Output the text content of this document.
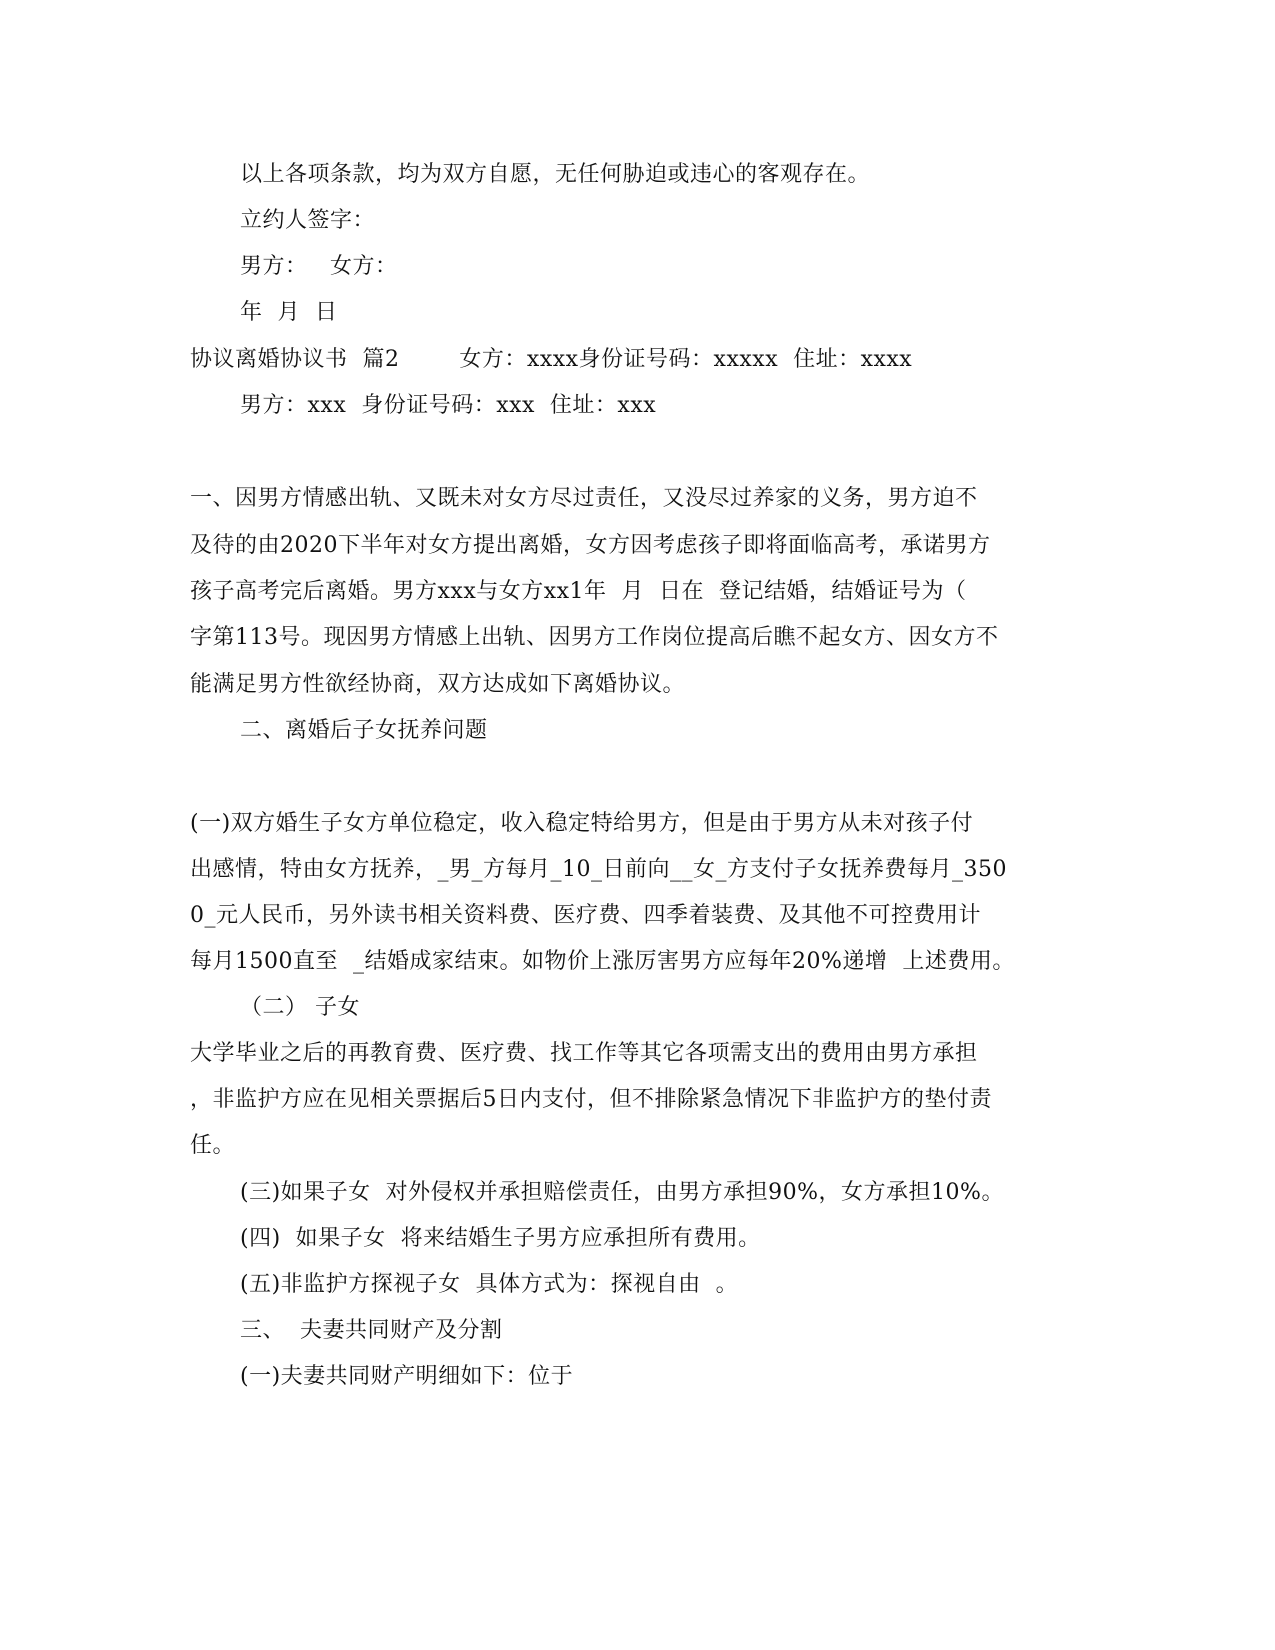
以上各项条款，均为双方自愿，无任何胁迫或违心的客观存在。
立约人签字：
男方：   女方：
年  月  日
协议离婚协议书  篇2        女方：xxxx身份证号码：xxxxx  住址：xxxx
男方：xxx  身份证号码：xxx  住址：xxx
一、因男方情感出轨、又既未对女方尽过责任，又没尽过养家的义务，男方迫不
及待的由2020下半年对女方提出离婚，女方因考虑孩子即将面临高考，承诺男方
孩子高考完后离婚。男方xxx与女方xx1年  月  日在  登记结婚，结婚证号为（
字第113号。现因男方情感上出轨、因男方工作岗位提高后瞧不起女方、因女方不
能满足男方性欲经协商，双方达成如下离婚协议。
二、离婚后子女抚养问题
(一)双方婚生子女方单位稳定，收入稳定特给男方，但是由于男方从未对孩子付
出感情，特由女方抚养，_男_方每月_10_日前向__女_方支付子女抚养费每月_350
0_元人民币，另外读书相关资料费、医疗费、四季着装费、及其他不可控费用计
每月1500直至  _结婚成家结束。如物价上涨厉害男方应每年20%递增  上述费用。
（二） 子女
大学毕业之后的再教育费、医疗费、找工作等其它各项需支出的费用由男方承担
，非监护方应在见相关票据后5日内支付，但不排除紧急情况下非监护方的垫付责
任。
(三)如果子女  对外侵权并承担赔偿责任，由男方承担90%，女方承担10%。
(四)  如果子女  将来结婚生子男方应承担所有费用。
(五)非监护方探视子女  具体方式为：探视自由  。
三、  夫妻共同财产及分割
(一)夫妻共同财产明细如下：位于
